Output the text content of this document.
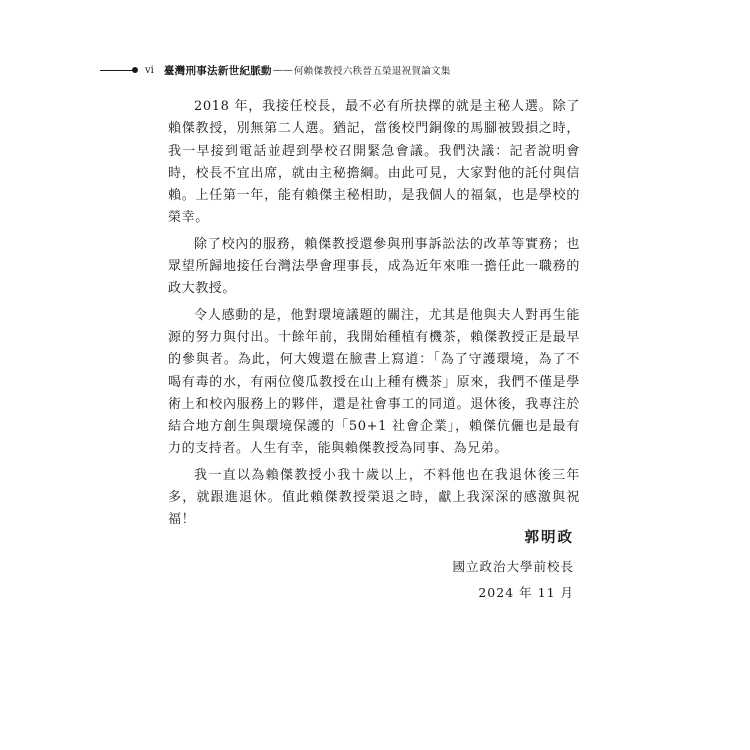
vi 臺灣刑事法新世紀脈動 —— 何賴傑教授六秩晉五榮退祝賀論文集

2018 年，我接任校長，最不必有所抉擇的就是主秘人選。除了賴傑教授，別無第二人選。猶記，當後校門銅像的馬腳被毀損之時，我一早接到電話並趕到學校召開緊急會議。我們決議：記者說明會時，校長不宜出席，就由主秘擔綱。由此可見，大家對他的託付與信賴。上任第一年，能有賴傑主秘相助，是我個人的福氣，也是學校的榮幸。

除了校內的服務，賴傑教授還參與刑事訴訟法的改革等實務；也眾望所歸地接任台灣法學會理事長，成為近年來唯一擔任此一職務的政大教授。

令人感動的是，他對環境議題的關注，尤其是他與夫人對再生能源的努力與付出。十餘年前，我開始種植有機茶，賴傑教授正是最早的參與者。為此，何大嫂還在臉書上寫道：「為了守護環境，為了不喝有毒的水，有兩位傻瓜教授在山上種有機茶」原來，我們不僅是學術上和校內服務上的夥伴，還是社會事工的同道。退休後，我專注於結合地方創生與環境保護的「50+1 社會企業」，賴傑伉儷也是最有力的支持者。人生有幸，能與賴傑教授為同事、為兄弟。

我一直以為賴傑教授小我十歲以上，不料他也在我退休後三年多，就跟進退休。值此賴傑教授榮退之時，獻上我深深的感激與祝福！

郭明政
國立政治大學前校長
2024 年 11 月
